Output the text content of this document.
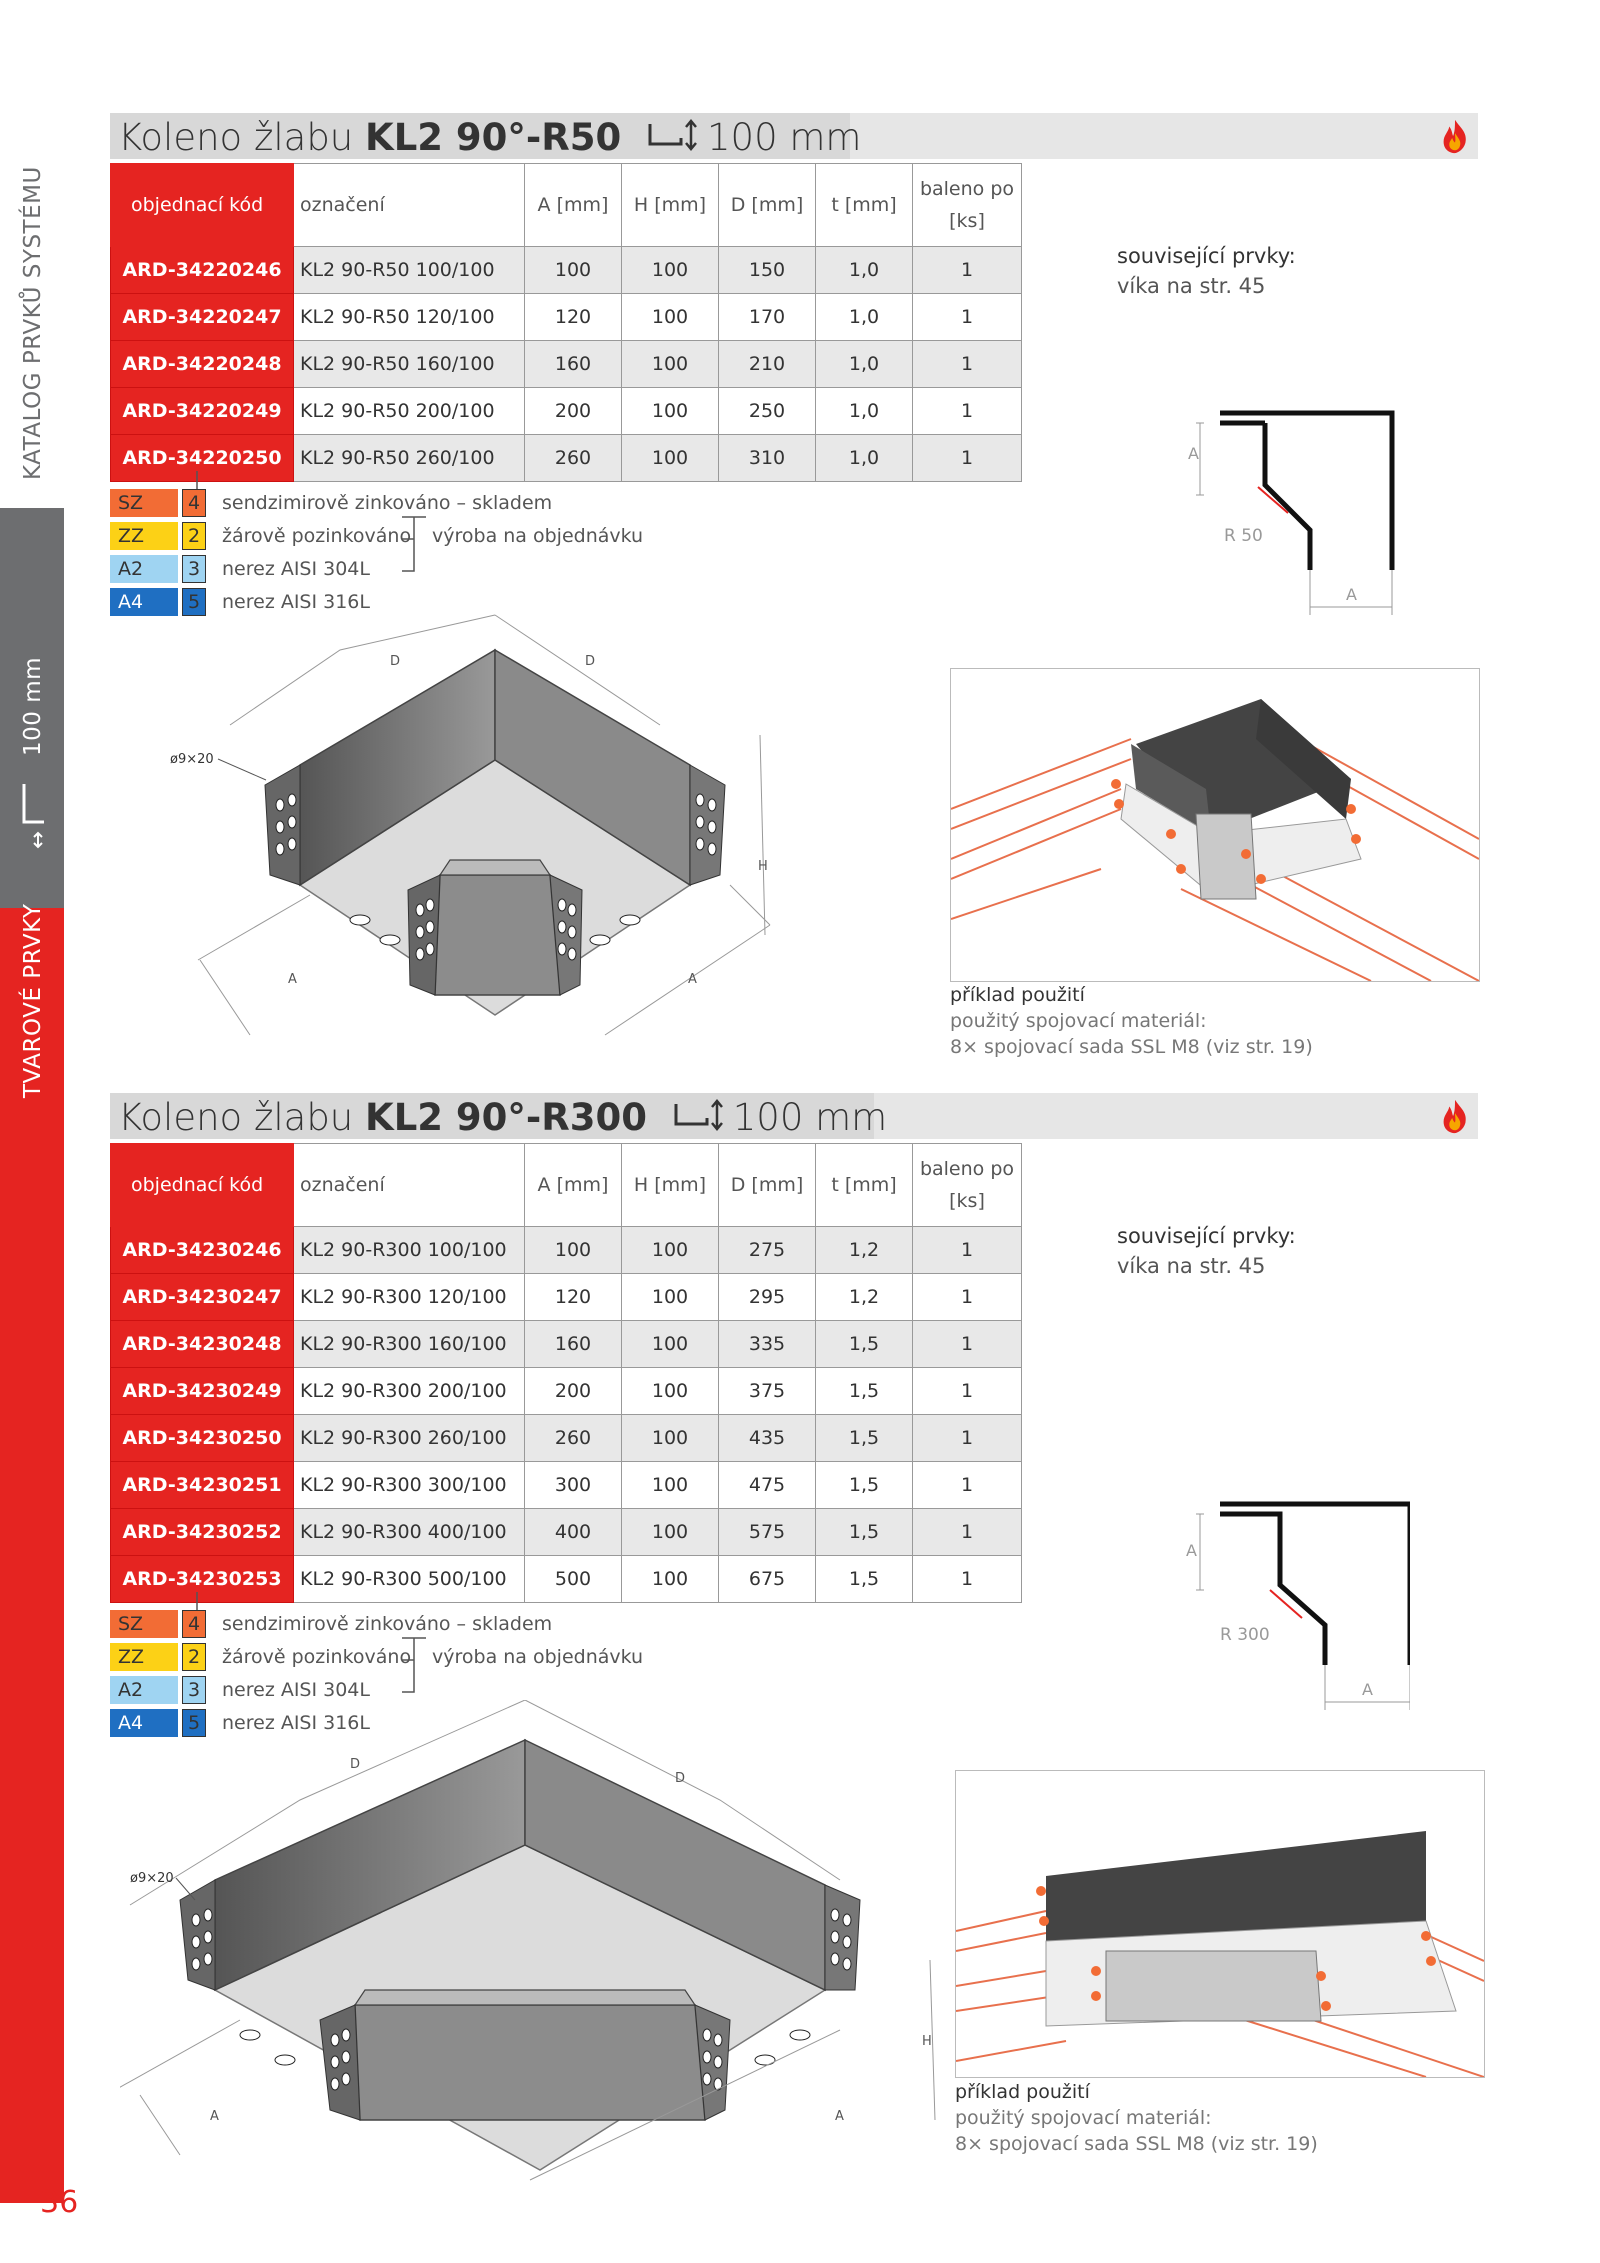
KATALOG PRVKŮ SYSTÉMU
100 mm
TVAROVÉ PRVKY
36
Koleno žlabu KL2 90°-R50 100 mm
objednací kód	označení	A [mm]	H [mm]	D [mm]	t [mm]	baleno po
[ks]
ARD-34220246	KL2 90-R50 100/100	100	100	150	1,0	1
ARD-34220247	KL2 90-R50 120/100	120	100	170	1,0	1
ARD-34220248	KL2 90-R50 160/100	160	100	210	1,0	1
ARD-34220249	KL2 90-R50 200/100	200	100	250	1,0	1
ARD-34220250	KL2 90-R50 260/100	260	100	310	1,0	1
SZ	4	sendzimirově zinkováno – skladem
ZZ	2	žárově pozinkováno výroba na objednávku
A2	3	nerez AISI 304L
A4	5	nerez AISI 316L
související prvky:
víka na str. 45
A
R 50
A
ø9×20
D	D
H
A	A
příklad použití
použitý spojovací materiál:
8× spojovací sada SSL M8 (viz str. 19)
Koleno žlabu KL2 90°-R300 100 mm
objednací kód	označení	A [mm]	H [mm]	D [mm]	t [mm]	baleno po
[ks]
ARD-34230246	KL2 90-R300 100/100	100	100	275	1,2	1
ARD-34230247	KL2 90-R300 120/100	120	100	295	1,2	1
ARD-34230248	KL2 90-R300 160/100	160	100	335	1,5	1
ARD-34230249	KL2 90-R300 200/100	200	100	375	1,5	1
ARD-34230250	KL2 90-R300 260/100	260	100	435	1,5	1
ARD-34230251	KL2 90-R300 300/100	300	100	475	1,5	1
ARD-34230252	KL2 90-R300 400/100	400	100	575	1,5	1
ARD-34230253	KL2 90-R300 500/100	500	100	675	1,5	1
SZ	4	sendzimirově zinkováno – skladem
ZZ	2	žárově pozinkováno výroba na objednávku
A2	3	nerez AISI 304L
A4	5	nerez AISI 316L
související prvky:
víka na str. 45
A
R 300
A
ø9×20
D
D
H
A	A
příklad použití
použitý spojovací materiál:
8× spojovací sada SSL M8 (viz str. 19)
